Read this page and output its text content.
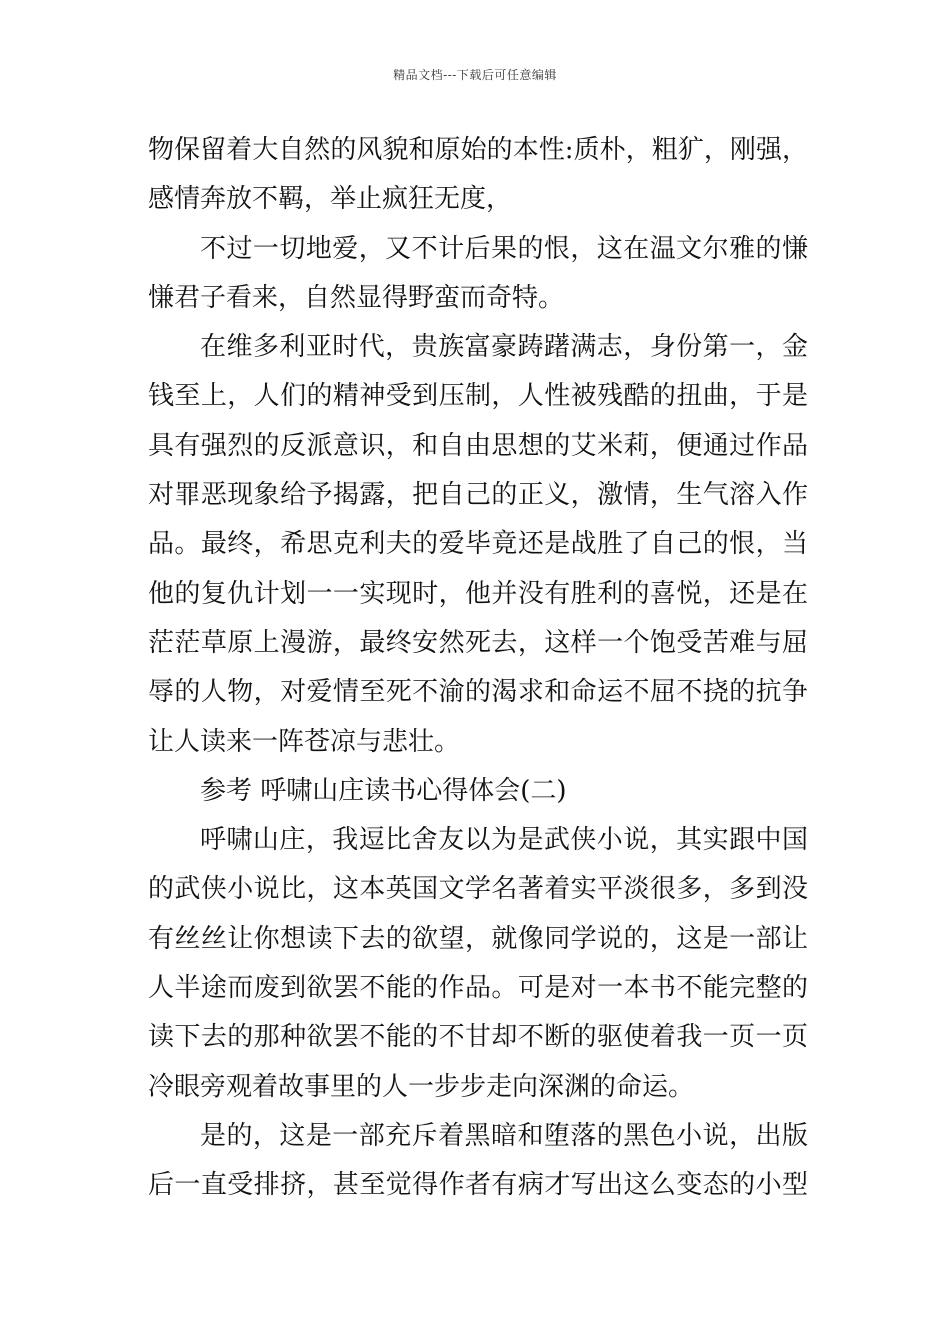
精品文档---下载后可任意编辑
物保留着大自然的风貌和原始的本性:质朴，粗犷，刚强，
感情奔放不羁，举止疯狂无度，
不过一切地爱，又不计后果的恨，这在温文尔雅的慊
慊君子看来，自然显得野蛮而奇特。
在维多利亚时代，贵族富豪踌躇满志，身份第一，金
钱至上，人们的精神受到压制，人性被残酷的扭曲，于是
具有强烈的反派意识，和自由思想的艾米莉，便通过作品
对罪恶现象给予揭露，把自己的正义，激情，生气溶入作
品。最终，希思克利夫的爱毕竟还是战胜了自己的恨，当
他的复仇计划一一实现时，他并没有胜利的喜悦，还是在
茫茫草原上漫游，最终安然死去，这样一个饱受苦难与屈
辱的人物，对爱情至死不渝的渴求和命运不屈不挠的抗争
让人读来一阵苍凉与悲壮。
参考 呼啸山庄读书心得体会(二)
呼啸山庄，我逗比舍友以为是武侠小说，其实跟中国
的武侠小说比，这本英国文学名著着实平淡很多，多到没
有丝丝让你想读下去的欲望，就像同学说的，这是一部让
人半途而废到欲罢不能的作品。可是对一本书不能完整的
读下去的那种欲罢不能的不甘却不断的驱使着我一页一页
冷眼旁观着故事里的人一步步走向深渊的命运。
是的，这是一部充斥着黑暗和堕落的黑色小说，出版
后一直受排挤，甚至觉得作者有病才写出这么变态的小型
